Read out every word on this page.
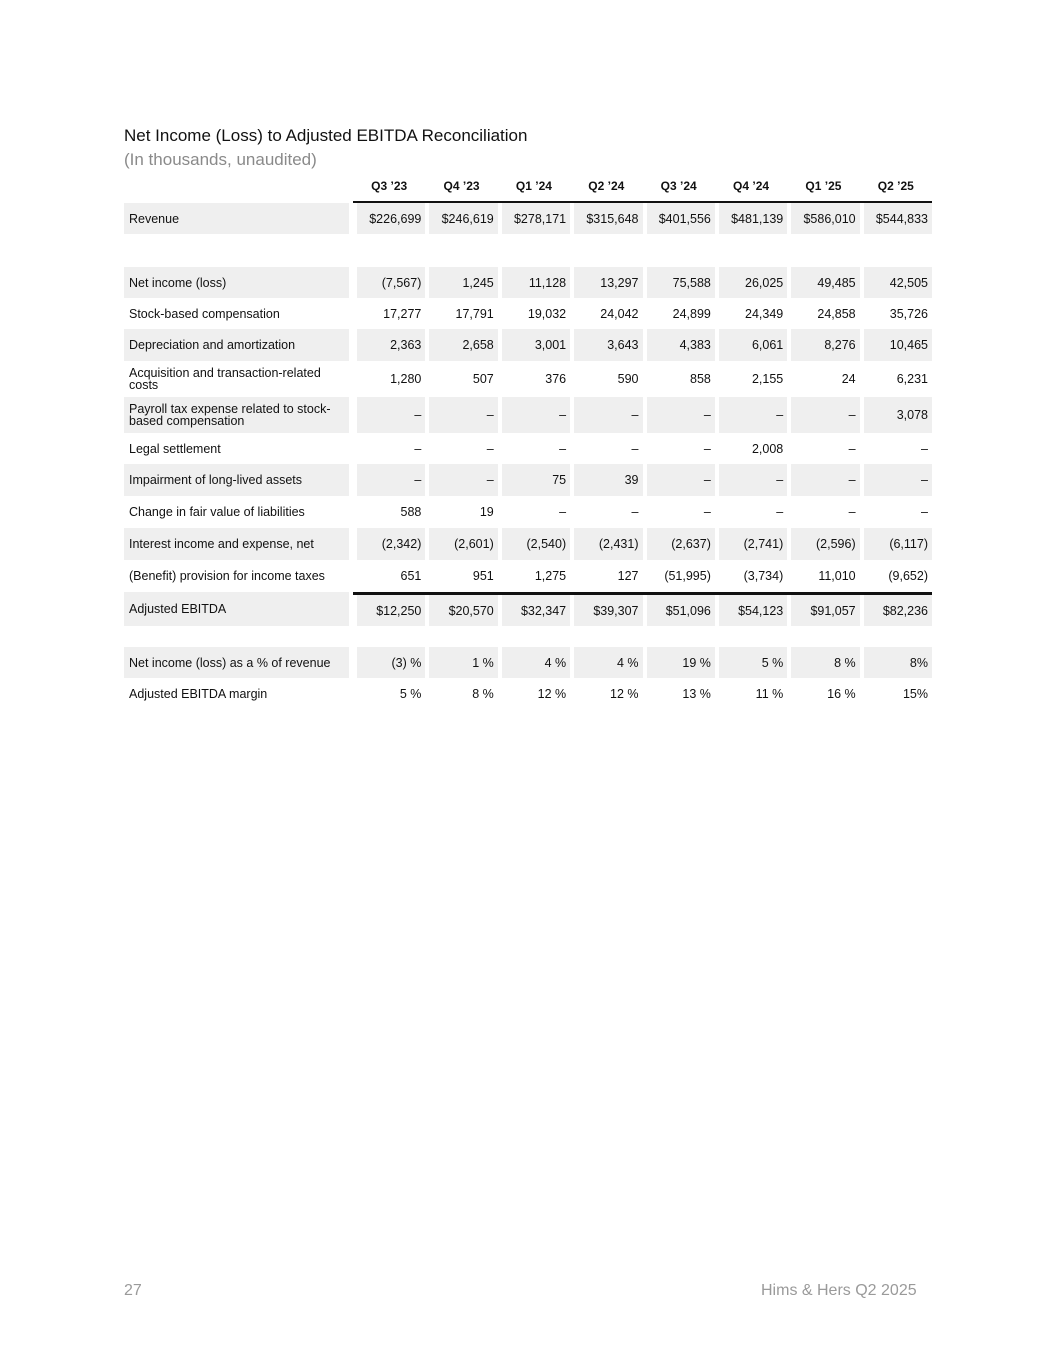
Net Income (Loss) to Adjusted EBITDA Reconciliation
(In thousands, unaudited)
	Q3 ’23	Q4 ’23	Q1 ’24	Q2 ’24	Q3 ’24	Q4 ’24	Q1 ’25	Q2 ’25

Revenue	$226,699	$246,619	$278,171	$315,648	$401,556	$481,139	$586,010	$544,833

Net income (loss)	(7,567)	1,245	11,128	13,297	75,588	26,025	49,485	42,505

Stock-based compensation	17,277	17,791	19,032	24,042	24,899	24,349	24,858	35,726

Depreciation and amortization	2,363	2,658	3,001	3,643	4,383	6,061	8,276	10,465

Acquisition and transaction-related costs	1,280	507	376	590	858	2,155	24	6,231

Payroll tax expense related to stock-based compensation	–	–	–	–	–	–	–	3,078

Legal settlement	–	–	–	–	–	2,008	–	–

Impairment of long-lived assets	–	–	75	39	–	–	–	–

Change in fair value of liabilities	588	19	–	–	–	–	–	–

Interest income and expense, net	(2,342)	(2,601)	(2,540)	(2,431)	(2,637)	(2,741)	(2,596)	(6,117)

(Benefit) provision for income taxes	651	951	1,275	127	(51,995)	(3,734)	11,010	(9,652)

Adjusted EBITDA	$12,250	$20,570	$32,347	$39,307	$51,096	$54,123	$91,057	$82,236

Net income (loss) as a % of revenue	(3) %	1 %	4 %	4 %	19 %	5 %	8 %	8%

Adjusted EBITDA margin	5 %	8 %	12 %	12 %	13 %	11 %	16 %	15%
27	Hims & Hers Q2 2025
